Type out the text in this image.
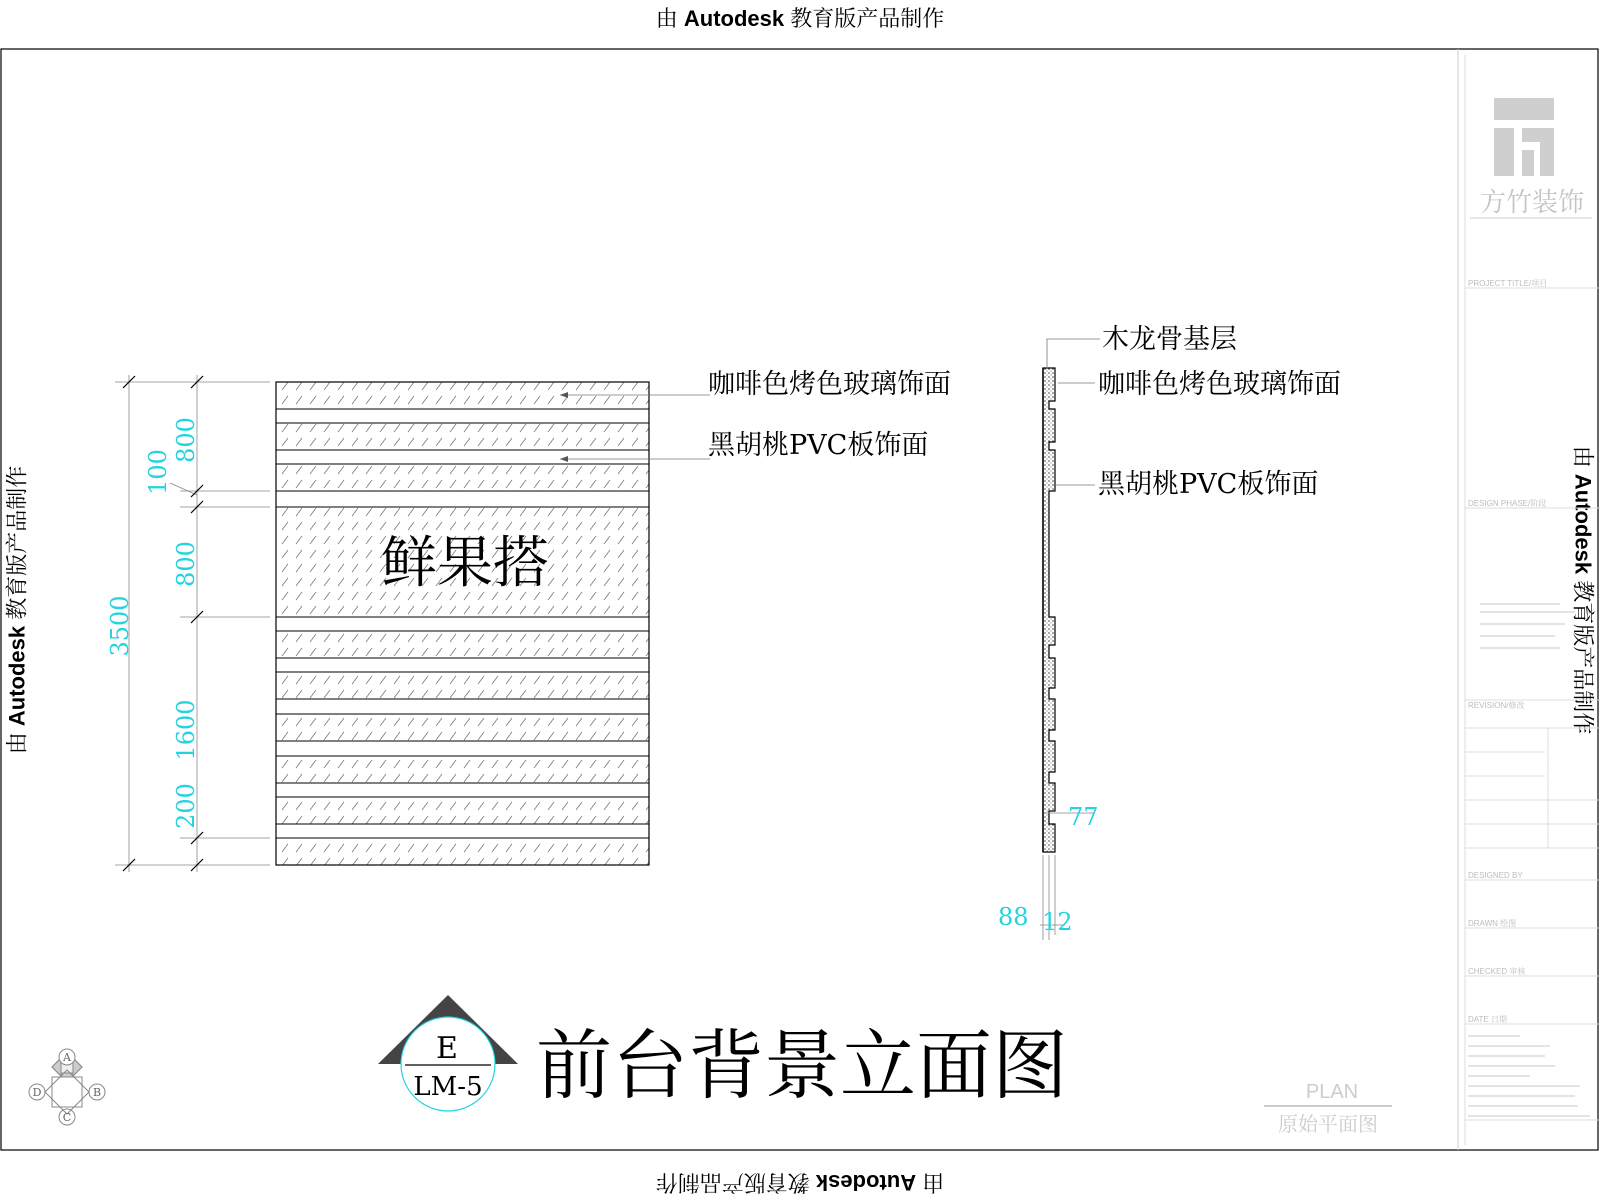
由 Autodesk 教育版产品制作
由 Autodesk 教育版产品制作
由 Autodesk 教育版产品制作
由 Autodesk 教育版产品制作
鲜果搭
咖啡色烤色玻璃饰面
黑胡桃PVC板饰面
3500
800
100
800
1600
200
木龙骨基层
咖啡色烤色玻璃饰面
黑胡桃PVC板饰面
77
88 12
E
LM-5 前台背景立面图
A
B
C
D	PLAN
原始平面图
方竹装饰
PROJECT TITLE/项目
DESIGN PHASE/阶段
REVISION/修改
DESIGNED BY
DRAWN 绘图
CHECKED 审核
DATE 日期
